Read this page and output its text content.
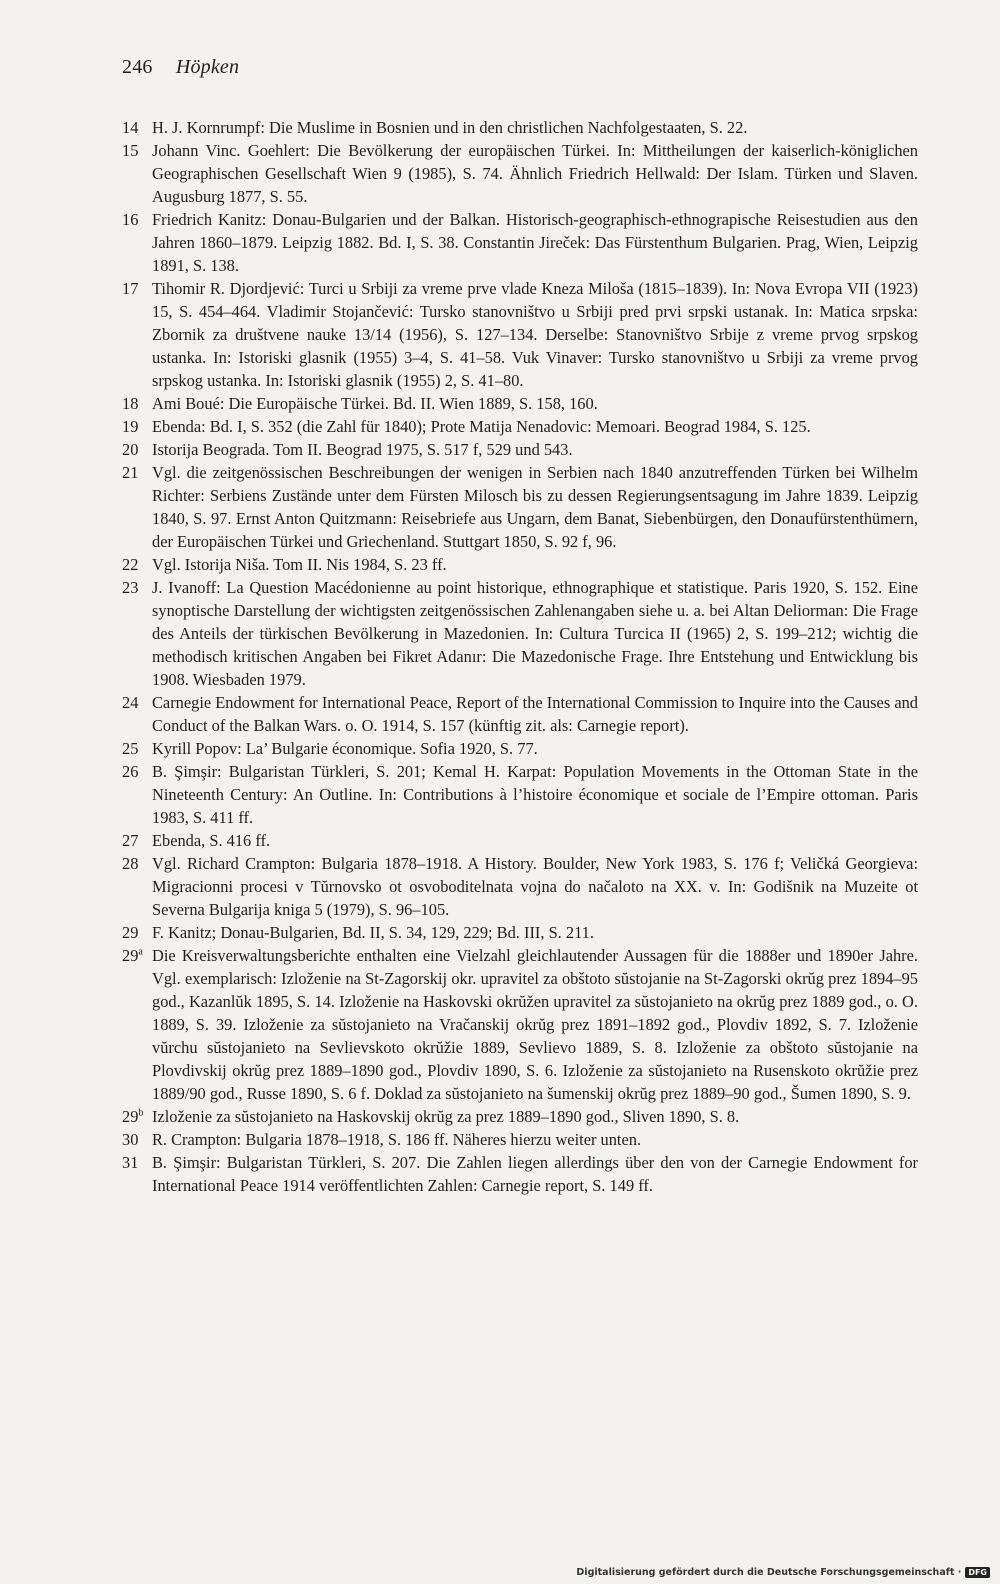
246 Höpken
14 H. J. Kornrumpf: Die Muslime in Bosnien und in den christlichen Nachfolgestaaten, S. 22.
15 Johann Vinc. Goehlert: Die Bevölkerung der europäischen Türkei. In: Mittheilungen der kaiserlich-königlichen Geographischen Gesellschaft Wien 9 (1985), S. 74. Ähnlich Friedrich Hellwald: Der Islam. Türken und Slaven. Augusburg 1877, S. 55.
16 Friedrich Kanitz: Donau-Bulgarien und der Balkan. Historisch-geographisch-ethnograpische Reisestudien aus den Jahren 1860–1879. Leipzig 1882. Bd. I, S. 38. Constantin Jireček: Das Fürstenthum Bulgarien. Prag, Wien, Leipzig 1891, S. 138.
17 Tihomir R. Djordjević: Turci u Srbiji za vreme prve vlade Kneza Miloša (1815–1839). In: Nova Evropa VII (1923) 15, S. 454–464. Vladimir Stojančević: Tursko stanovništvo u Srbiji pred prvi srpski ustanak. In: Matica srpska: Zbornik za društvene nauke 13/14 (1956), S. 127–134. Derselbe: Stanovništvo Srbije z vreme prvog srpskog ustanka. In: Istoriski glasnik (1955) 3–4, S. 41–58. Vuk Vinaver: Tursko stanovništvo u Srbiji za vreme prvog srpskog ustanka. In: Istoriski glasnik (1955) 2, S. 41–80.
18 Ami Boué: Die Europäische Türkei. Bd. II. Wien 1889, S. 158, 160.
19 Ebenda: Bd. I, S. 352 (die Zahl für 1840); Prote Matija Nenadovic: Memoari. Beograd 1984, S. 125.
20 Istorija Beograda. Tom II. Beograd 1975, S. 517 f, 529 und 543.
21 Vgl. die zeitgenössischen Beschreibungen der wenigen in Serbien nach 1840 anzutreffenden Türken bei Wilhelm Richter: Serbiens Zustände unter dem Fürsten Milosch bis zu dessen Regierungsentsagung im Jahre 1839. Leipzig 1840, S. 97. Ernst Anton Quitzmann: Reisebriefe aus Ungarn, dem Banat, Siebenbürgen, den Donaufürstenthümern, der Europäischen Türkei und Griechenland. Stuttgart 1850, S. 92 f, 96.
22 Vgl. Istorija Niša. Tom II. Nis 1984, S. 23 ff.
23 J. Ivanoff: La Question Macédonienne au point historique, ethnographique et statistique. Paris 1920, S. 152. Eine synoptische Darstellung der wichtigsten zeitgenössischen Zahlenangaben siehe u. a. bei Altan Deliorman: Die Frage des Anteils der türkischen Bevölkerung in Mazedonien. In: Cultura Turcica II (1965) 2, S. 199–212; wichtig die methodisch kritischen Angaben bei Fikret Adanır: Die Mazedonische Frage. Ihre Entstehung und Entwicklung bis 1908. Wiesbaden 1979.
24 Carnegie Endowment for International Peace, Report of the International Commission to Inquire into the Causes and Conduct of the Balkan Wars. o. O. 1914, S. 157 (künftig zit. als: Carnegie report).
25 Kyrill Popov: La’ Bulgarie économique. Sofia 1920, S. 77.
26 B. Şimşir: Bulgaristan Türkleri, S. 201; Kemal H. Karpat: Population Movements in the Ottoman State in the Nineteenth Century: An Outline. In: Contributions à l’histoire économique et sociale de l’Empire ottoman. Paris 1983, S. 411 ff.
27 Ebenda, S. 416 ff.
28 Vgl. Richard Crampton: Bulgaria 1878–1918. A History. Boulder, New York 1983, S. 176 f; Veličká Georgieva: Migracionni procesi v Tŭrnovsko ot osvoboditelnata vojna do načaloto na XX. v. In: Godišnik na Muzeite ot Severna Bulgarija kniga 5 (1979), S. 96–105.
29 F. Kanitz; Donau-Bulgarien, Bd. II, S. 34, 129, 229; Bd. III, S. 211.
29$^a$ Die Kreisverwaltungsberichte enthalten eine Vielzahl gleichlautender Aussagen für die 1888er und 1890er Jahre. Vgl. exemplarisch: Izloženie na St-Zagorskij okr. upravitel za obštoto sŭstojanie na St-Zagorski okrŭg prez 1894–95 god., Kazanlŭk 1895, S. 14. Izloženie na Haskovski okrŭžen upravitel za sŭstojanieto na okrŭg prez 1889 god., o. O. 1889, S. 39. Izloženie za sŭstojanieto na Vračanskij okrŭg prez 1891–1892 god., Plovdiv 1892, S. 7. Izloženie vŭrchu sŭstojanieto na Sevlievskoto okrŭžie 1889, Sevlievo 1889, S. 8. Izloženie za obštoto sŭstojanie na Plovdivskij okrŭg prez 1889–1890 god., Plovdiv 1890, S. 6. Izloženie za sŭstojanieto na Rusenskoto okrŭžie prez 1889/90 god., Russe 1890, S. 6 f. Doklad za sŭstojanieto na šumenskij okrŭg prez 1889–90 god., Šumen 1890, S. 9.
29$^b$ Izloženie za sŭstojanieto na Haskovskij okrŭg za prez 1889–1890 god., Sliven 1890, S. 8.
30 R. Crampton: Bulgaria 1878–1918, S. 186 ff. Näheres hierzu weiter unten.
31 B. Şimşir: Bulgaristan Türkleri, S. 207. Die Zahlen liegen allerdings über den von der Carnegie Endowment for International Peace 1914 veröffentlichten Zahlen: Carnegie report, S. 149 ff.
Digitalisierung gefördert durch die Deutsche Forschungsgemeinschaft · DFG
